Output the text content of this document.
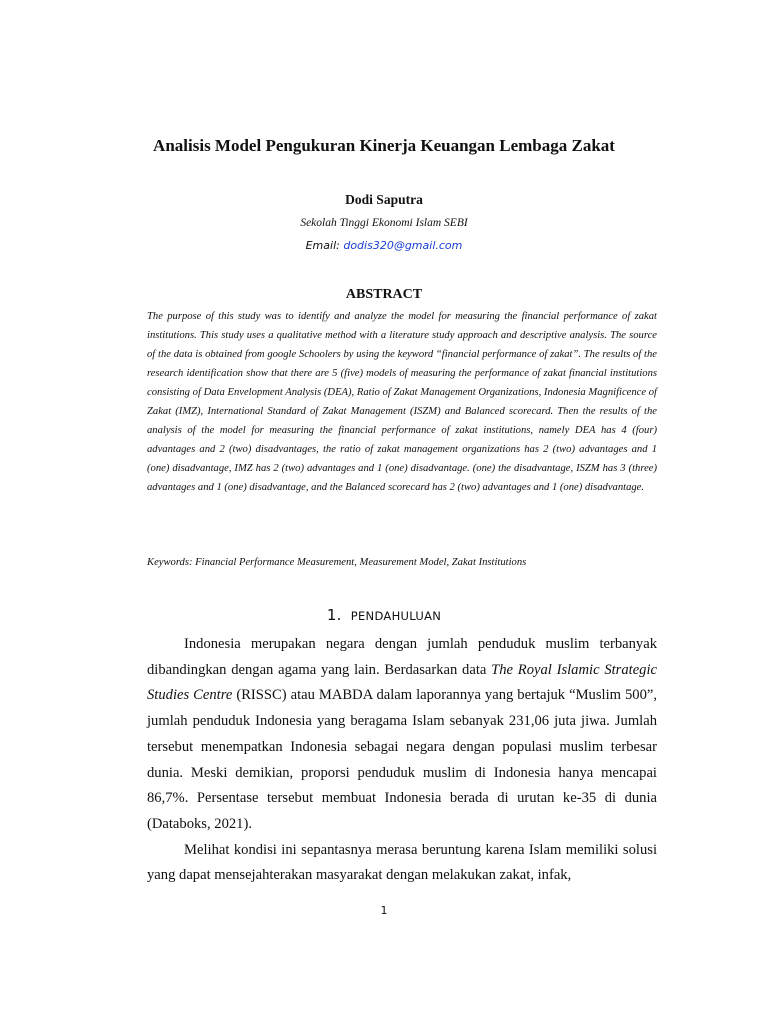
Analisis Model Pengukuran Kinerja Keuangan Lembaga Zakat
Dodi Saputra
Sekolah Tinggi Ekonomi Islam SEBI
Email: dodis320@gmail.com
ABSTRACT

The purpose of this study was to identify and analyze the model for measuring the financial performance of zakat institutions. This study uses a qualitative method with a literature study approach and descriptive analysis. The source of the data is obtained from google Schoolers by using the keyword “financial performance of zakat”. The results of the research identification show that there are 5 (five) models of measuring the performance of zakat financial institutions consisting of Data Envelopment Analysis (DEA), Ratio of Zakat Management Organizations, Indonesia Magnificence of Zakat (IMZ), International Standard of Zakat Management (ISZM) and Balanced scorecard. Then the results of the analysis of the model for measuring the financial performance of zakat institutions, namely DEA has 4 (four) advantages and 2 (two) disadvantages, the ratio of zakat management organizations has 2 (two) advantages and 1 (one) disadvantage, IMZ has 2 (two) advantages and 1 (one) disadvantage. (one) the disadvantage, ISZM has 3 (three) advantages and 1 (one) disadvantage, and the Balanced scorecard has 2 (two) advantages and 1 (one) disadvantage.

Keywords: Financial Performance Measurement, Measurement Model, Zakat Institutions

1. PENDAHULUAN

Indonesia merupakan negara dengan jumlah penduduk muslim terbanyak dibandingkan dengan agama yang lain. Berdasarkan data The Royal Islamic Strategic Studies Centre (RISSC) atau MABDA dalam laporannya yang bertajuk “Muslim 500”, jumlah penduduk Indonesia yang beragama Islam sebanyak 231,06 juta jiwa. Jumlah tersebut menempatkan Indonesia sebagai negara dengan populasi muslim terbesar dunia. Meski demikian, proporsi penduduk muslim di Indonesia hanya mencapai 86,7%. Persentase tersebut membuat Indonesia berada di urutan ke-35 di dunia (Databoks, 2021).

Melihat kondisi ini sepantasnya merasa beruntung karena Islam memiliki solusi yang dapat mensejahterakan masyarakat dengan melakukan zakat, infak,

1
